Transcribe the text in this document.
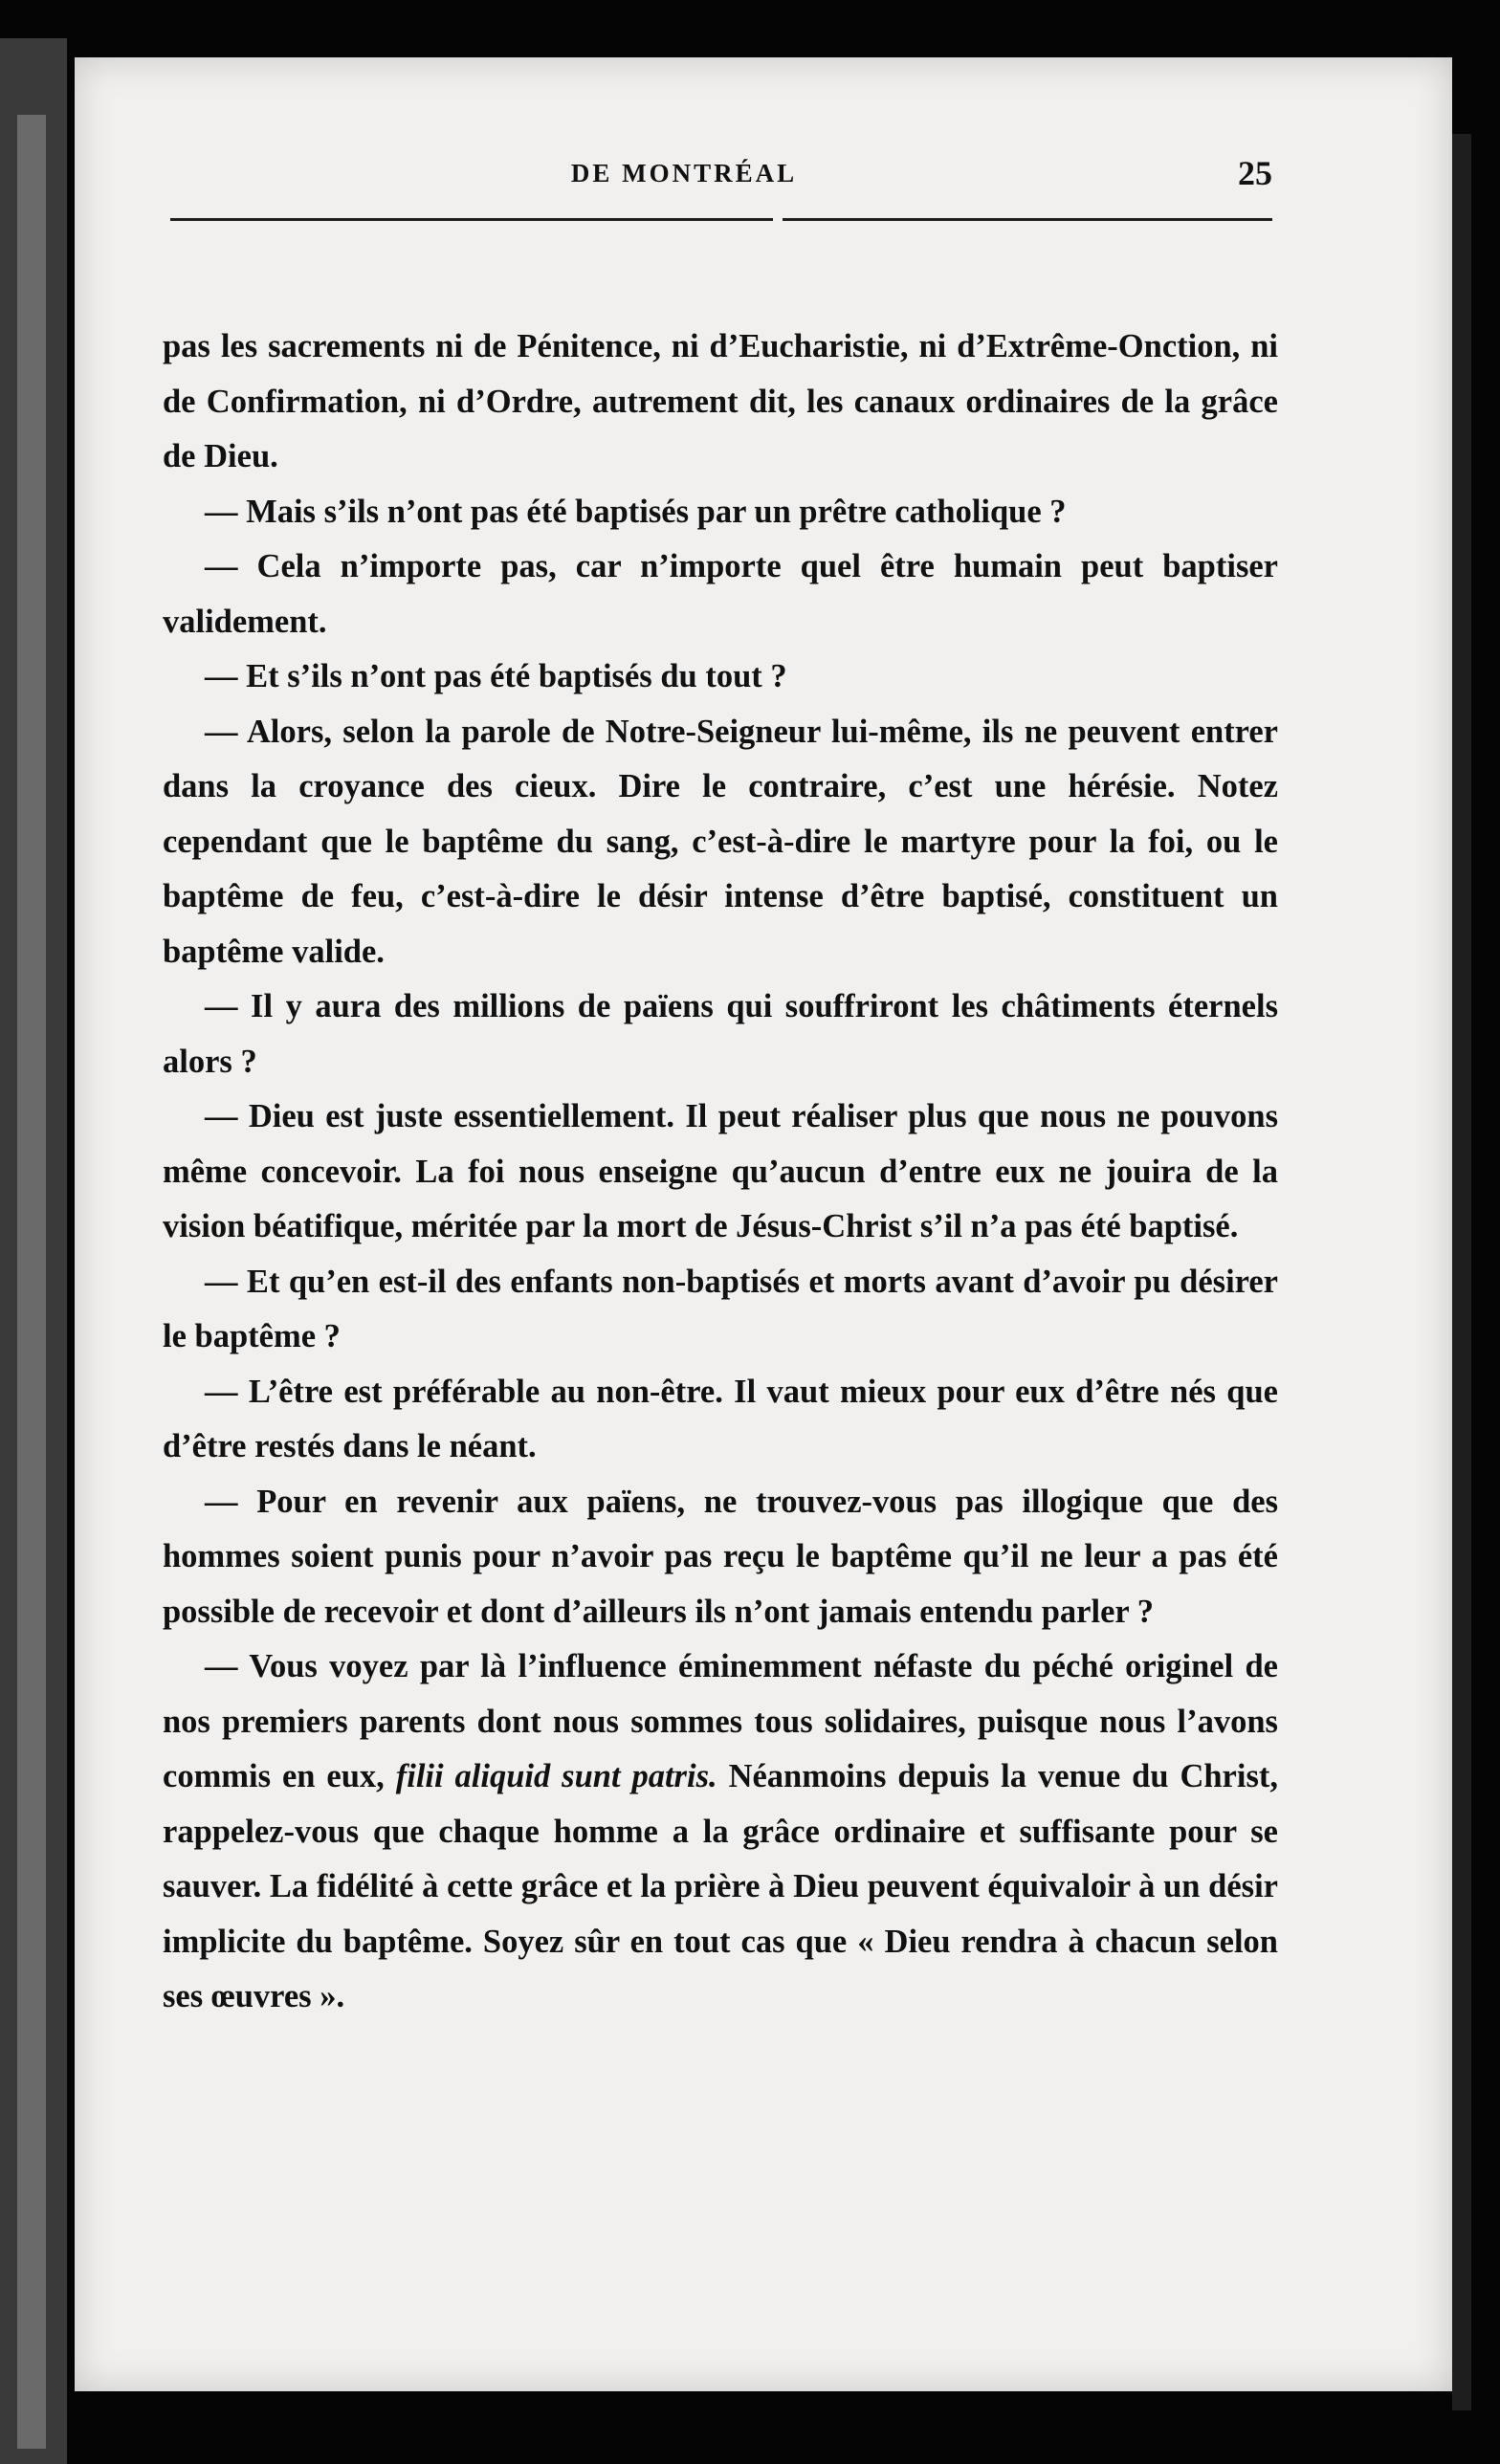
DE MONTRÉAL	25

pas les sacrements ni de Pénitence, ni d’Eucharistie, ni d’Extrême-Onction, ni de Confirmation, ni d’Ordre, autrement dit, les canaux ordinaires de la grâce de Dieu.

— Mais s’ils n’ont pas été baptisés par un prêtre catholique ?

— Cela n’importe pas, car n’importe quel être humain peut baptiser validement.

— Et s’ils n’ont pas été baptisés du tout ?

— Alors, selon la parole de Notre-Seigneur lui-même, ils ne peuvent entrer dans la croyance des cieux. Dire le contraire, c’est une hérésie. Notez cependant que le baptême du sang, c’est-à-dire le martyre pour la foi, ou le baptême de feu, c’est-à-dire le désir intense d’être baptisé, constituent un baptême valide.

— Il y aura des millions de païens qui souffriront les châtiments éternels alors ?

— Dieu est juste essentiellement. Il peut réaliser plus que nous ne pouvons même concevoir. La foi nous enseigne qu’aucun d’entre eux ne jouira de la vision béatifique, méritée par la mort de Jésus-Christ s’il n’a pas été baptisé.

— Et qu’en est-il des enfants non-baptisés et morts avant d’avoir pu désirer le baptême ?

— L’être est préférable au non-être. Il vaut mieux pour eux d’être nés que d’être restés dans le néant.

— Pour en revenir aux païens, ne trouvez-vous pas illogique que des hommes soient punis pour n’avoir pas reçu le baptême qu’il ne leur a pas été possible de recevoir et dont d’ailleurs ils n’ont jamais entendu parler ?

— Vous voyez par là l’influence éminemment néfaste du péché originel de nos premiers parents dont nous sommes tous solidaires, puisque nous l’avons commis en eux, filii aliquid sunt patris. Néanmoins depuis la venue du Christ, rappelez-vous que chaque homme a la grâce ordinaire et suffisante pour se sauver. La fidélité à cette grâce et la prière à Dieu peuvent équivaloir à un désir implicite du baptême. Soyez sûr en tout cas que « Dieu rendra à chacun selon ses œuvres ».
